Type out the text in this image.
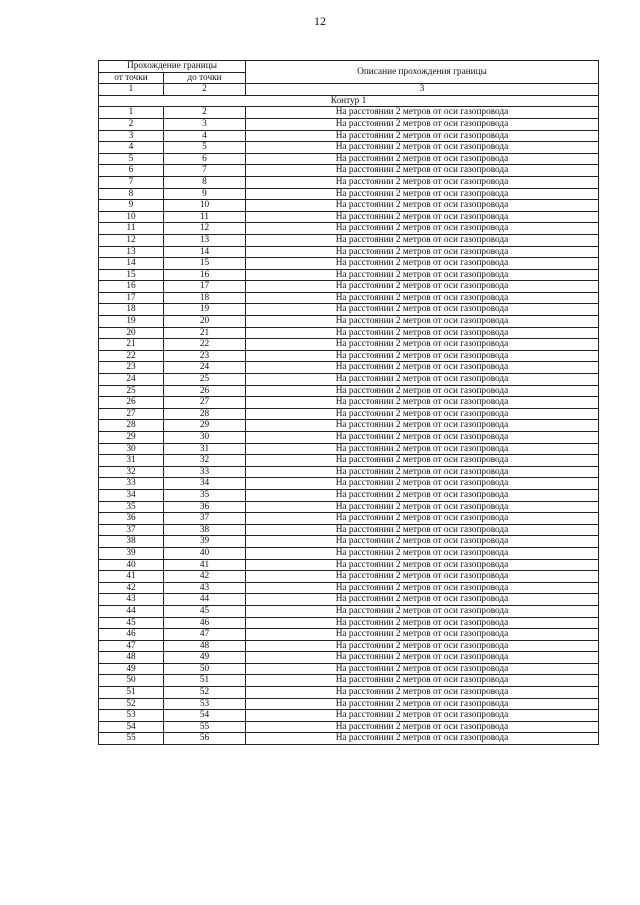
12
Прохождение границы		Описание прохождения границы
от точки	до точки	
1	2	3
Контур 1		
1	2	На расстоянии 2 метров от оси газопровода
2	3	На расстоянии 2 метров от оси газопровода
3	4	На расстоянии 2 метров от оси газопровода
4	5	На расстоянии 2 метров от оси газопровода
5	6	На расстоянии 2 метров от оси газопровода
6	7	На расстоянии 2 метров от оси газопровода
7	8	На расстоянии 2 метров от оси газопровода
8	9	На расстоянии 2 метров от оси газопровода
9	10	На расстоянии 2 метров от оси газопровода
10	11	На расстоянии 2 метров от оси газопровода
11	12	На расстоянии 2 метров от оси газопровода
12	13	На расстоянии 2 метров от оси газопровода
13	14	На расстоянии 2 метров от оси газопровода
14	15	На расстоянии 2 метров от оси газопровода
15	16	На расстоянии 2 метров от оси газопровода
16	17	На расстоянии 2 метров от оси газопровода
17	18	На расстоянии 2 метров от оси газопровода
18	19	На расстоянии 2 метров от оси газопровода
19	20	На расстоянии 2 метров от оси газопровода
20	21	На расстоянии 2 метров от оси газопровода
21	22	На расстоянии 2 метров от оси газопровода
22	23	На расстоянии 2 метров от оси газопровода
23	24	На расстоянии 2 метров от оси газопровода
24	25	На расстоянии 2 метров от оси газопровода
25	26	На расстоянии 2 метров от оси газопровода
26	27	На расстоянии 2 метров от оси газопровода
27	28	На расстоянии 2 метров от оси газопровода
28	29	На расстоянии 2 метров от оси газопровода
29	30	На расстоянии 2 метров от оси газопровода
30	31	На расстоянии 2 метров от оси газопровода
31	32	На расстоянии 2 метров от оси газопровода
32	33	На расстоянии 2 метров от оси газопровода
33	34	На расстоянии 2 метров от оси газопровода
34	35	На расстоянии 2 метров от оси газопровода
35	36	На расстоянии 2 метров от оси газопровода
36	37	На расстоянии 2 метров от оси газопровода
37	38	На расстоянии 2 метров от оси газопровода
38	39	На расстоянии 2 метров от оси газопровода
39	40	На расстоянии 2 метров от оси газопровода
40	41	На расстоянии 2 метров от оси газопровода
41	42	На расстоянии 2 метров от оси газопровода
42	43	На расстоянии 2 метров от оси газопровода
43	44	На расстоянии 2 метров от оси газопровода
44	45	На расстоянии 2 метров от оси газопровода
45	46	На расстоянии 2 метров от оси газопровода
46	47	На расстоянии 2 метров от оси газопровода
47	48	На расстоянии 2 метров от оси газопровода
48	49	На расстоянии 2 метров от оси газопровода
49	50	На расстоянии 2 метров от оси газопровода
50	51	На расстоянии 2 метров от оси газопровода
51	52	На расстоянии 2 метров от оси газопровода
52	53	На расстоянии 2 метров от оси газопровода
53	54	На расстоянии 2 метров от оси газопровода
54	55	На расстоянии 2 метров от оси газопровода
55	56	На расстоянии 2 метров от оси газопровода
